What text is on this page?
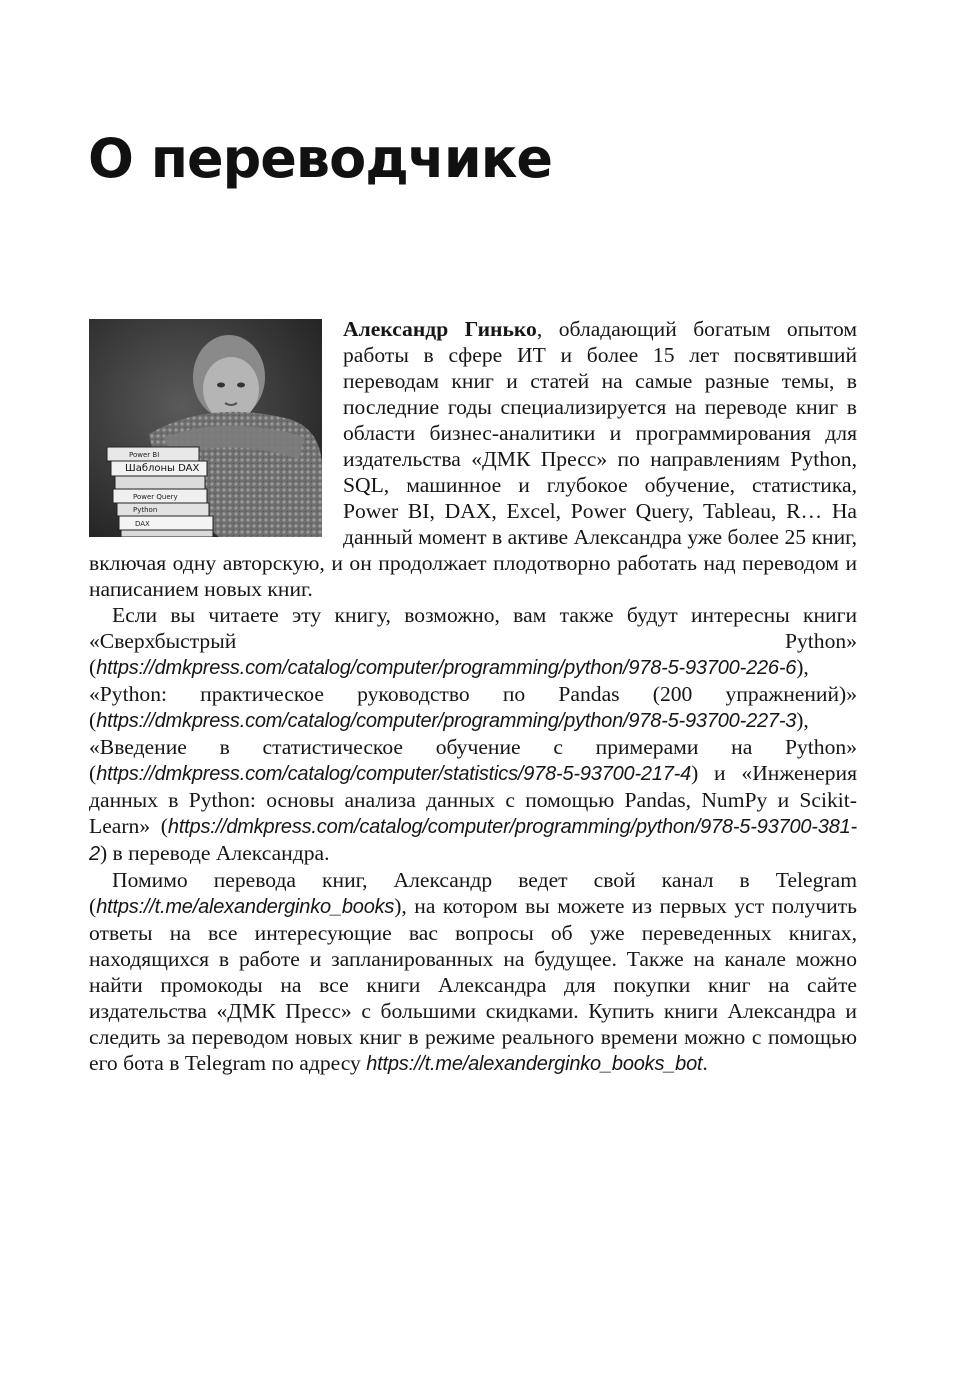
О переводчике
Шаблоны DAX
Power Query
Python
DAX
Power BI

Александр Гинько, обладающий богатым опытом работы в сфере ИТ и более 15 лет посвятивший переводам книг и статей на самые разные темы, в последние годы специализируется на переводе книг в области бизнес-аналитики и программирования для издательства «ДМК Пресс» по направлениям Python, SQL, машинное и глубокое обучение, статистика, Power BI, DAX, Excel, Power Query, Tableau, R… На данный момент в активе Александра уже более 25 книг, включая одну авторскую, и он продолжает плодотворно работать над переводом и написанием новых книг.

Если вы читаете эту книгу, возможно, вам также будут интересны книги «Сверхбыстрый Python» (https://dmkpress.com/catalog/computer/programming/python/978-5-93700-226-6), «Python: практическое руководство по Pandas (200 упражнений)» (https://dmkpress.com/catalog/computer/programming/python/978-5-93700-227-3), «Введение в статистическое обучение с примерами на Python» (https://dmkpress.com/catalog/computer/statistics/978-5-93700-217-4) и «Инженерия данных в Python: основы анализа данных с помощью Pandas, NumPy и Scikit-Learn» (https://dmkpress.com/catalog/computer/programming/python/978-5-93700-381-2) в переводе Александра.

Помимо перевода книг, Александр ведет свой канал в Telegram (https://t.me/alexanderginko_books), на котором вы можете из первых уст получить ответы на все интересующие вас вопросы об уже переведенных книгах, находящихся в работе и запланированных на будущее. Также на канале можно найти промокоды на все книги Александра для покупки книг на сайте издательства «ДМК Пресс» с большими скидками. Купить книги Александра и следить за переводом новых книг в режиме реального времени можно с помощью его бота в Telegram по адресу https://t.me/alexanderginko_books_bot.
